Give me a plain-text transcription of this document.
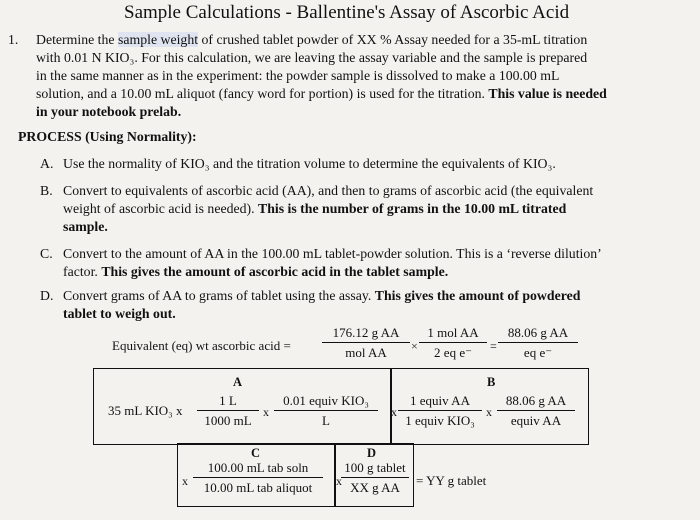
Sample Calculations - Ballentine's Assay of Ascorbic Acid
1. Determine the sample weight of crushed tablet powder of XX % Assay needed for a 35-mL titration
with 0.01 N KIO₃. For this calculation, we are leaving the assay variable and the sample is prepared
in the same manner as in the experiment: the powder sample is dissolved to make a 100.00 mL
solution, and a 10.00 mL aliquot (fancy word for portion) is used for the titration. This value is needed
in your notebook prelab.
PROCESS (Using Normality):
A. Use the normality of KIO₃ and the titration volume to determine the equivalents of KIO₃.
B. Convert to equivalents of ascorbic acid (AA), and then to grams of ascorbic acid (the equivalent
weight of ascorbic acid is needed). This is the number of grams in the 10.00 mL titrated
sample.
C. Convert to the amount of AA in the 100.00 mL tablet-powder solution. This is a ‘reverse dilution’
factor. This gives the amount of ascorbic acid in the tablet sample.
D. Convert grams of AA to grams of tablet using the assay. This gives the amount of powdered
tablet to weigh out.
Equivalent (eq) wt ascorbic acid =
176.12 g AA
mol AA	×
1 mol AA
2 eq e⁻	= $\frac{\text{88.06 g AA}}{\text{eq e⁻}}$
A	B
C	D
35 mL KIO₃ x $\frac{1 L}{1000 mL}$ x
0.01 equiv KIO₃
L
x
1 equiv AA
1 equiv KIO₃
x
88.06 g AA
equiv AA
x
100.00 mL tab soln
10.00 mL tab aliquot	x
100 g tablet
XX g AA	= YY g tablet
